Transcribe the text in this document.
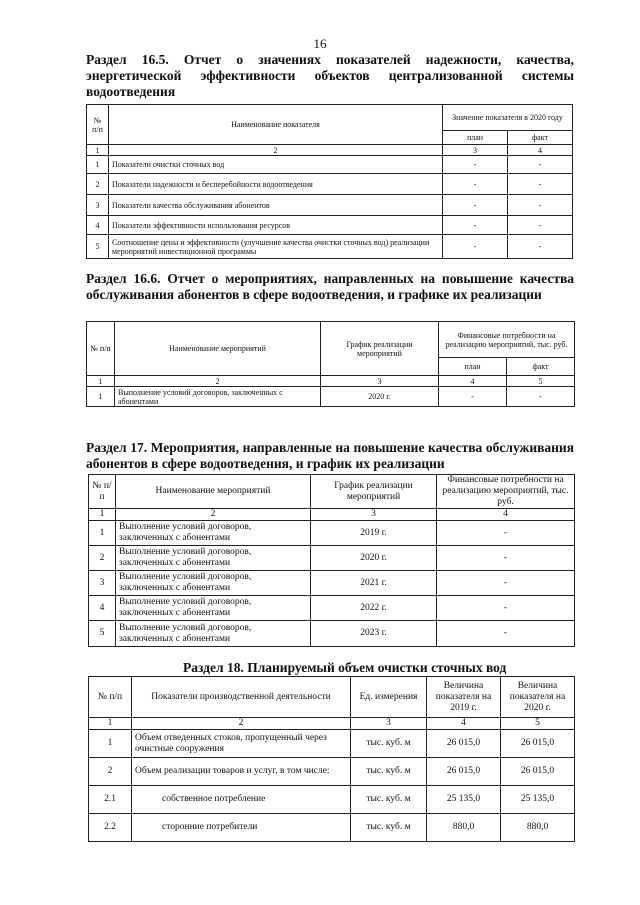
16
Раздел 16.5. Отчет о значениях показателей надежности, качества, энергетической эффективности объектов централизованной системы водоотведения
№ п/п	Наименование показателя	Значение показателя в 2020 году	
		план	факт
1	2	3	4
1	Показатели очистки сточных вод	-	-
2	Показатели надежности и бесперебойности водоотведения	-	-
3	Показатели качества обслуживания абонентов	-	-
4	Показатели эффективности использования ресурсов	-	-
5	Соотношение цены и эффективности (улучшение качества очистки сточных вод) реализации мероприятий инвестиционной программы	-	-
Раздел 16.6. Отчет о мероприятиях, направленных на повышение качества обслуживания абонентов в сфере водоотведения, и графике их реализации
№ п/п	Наименование мероприятий	График реализации мероприятий	Финансовые потребности на реализацию мероприятий, тыс. руб.	
			план	факт
1	2	3	4	5
1	Выполнение условий договоров, заключенных с абонентами	2020 г.	-	-
Раздел 17. Мероприятия, направленные на повышение качества обслуживания абонентов в сфере водоотведения, и график их реализации
№ п/п	Наименование мероприятий	График реализации мероприятий	Финансовые потребности на реализацию мероприятий, тыс. руб.
1	2	3	4
1	Выполнение условий договоров, заключенных с абонентами	2019 г.	-
2	Выполнение условий договоров, заключенных с абонентами	2020 г.	-
3	Выполнение условий договоров, заключенных с абонентами	2021 г.	-
4	Выполнение условий договоров, заключенных с абонентами	2022 г.	-
5	Выполнение условий договоров, заключенных с абонентами	2023 г.	-
Раздел 18. Планируемый объем очистки сточных вод
№ п/п	Показатели производственной деятельности	Ед. измерения	Величина показателя на 2019 г.	Величина показателя на 2020 г.
1	2	3	4	5
1	Объем отведенных стоков, пропущенный через очистные сооружения	тыс. куб. м	26 015,0	26 015,0
2	Объем реализации товаров и услуг, в том числе:	тыс. куб. м	26 015,0	26 015,0
2.1	собственное потребление	тыс. куб. м	25 135,0	25 135,0
2.2	сторонние потребители	тыс. куб. м	880,0	880,0
